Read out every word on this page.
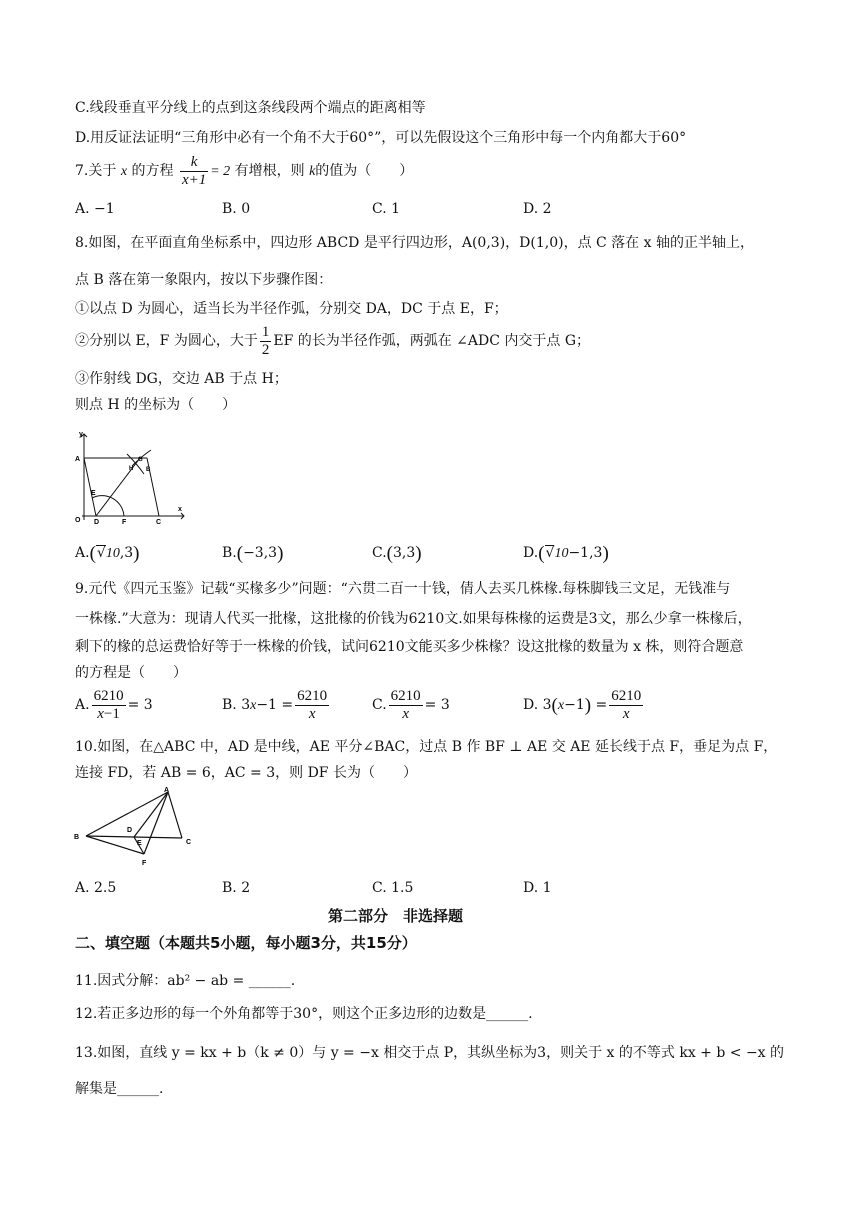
C.线段垂直平分线上的点到这条线段两个端点的距离相等
D.用反证法证明“三角形中必有一个角不大于60°”，可以先假设这个三角形中每一个内角都大于60°
7.关于 x 的方程 $\frac{k}{x+1} = 2$ 有增根，则 k的值为（　　）
A. −1	B. 0	C. 1	D. 2
8.如图，在平面直角坐标系中，四边形 ABCD 是平行四边形，A(0,3)，D(1,0)，点 C 落在 x 轴的正半轴上，
点 B 落在第一象限内，按以下步骤作图：
①以点 D 为圆心，适当长为半径作弧，分别交 DA，DC 于点 E，F；
②分别以 E，F 为圆心，大于 $\frac{1}{2}$ EF 的长为半径作弧，两弧在 ∠ADC 内交于点 G；
③作射线 DG，交边 AB 于点 H；
则点 H 的坐标为（　　）
y
x
A
B
O D	F	C
E
G
H
A.(√10,3)	B.(−3,3)	C.(3,3)	D.(√10−1,3)
9.元代《四元玉鉴》记载“买椽多少”问题：“六贯二百一十钱，倩人去买几株椽.每株脚钱三文足，无钱准与
一株椽.”大意为：现请人代买一批椽，这批椽的价钱为6210文.如果每株椽的运费是3文，那么少拿一株椽后，
剩下的椽的总运费恰好等于一株椽的价钱，试问6210文能买多少株椽？设这批椽的数量为 x 株，则符合题意
的方程是（　　）
A. $\frac{6210}{x-1} = 3$	B. $3x-1 = \frac{6210}{x}$	C. $\frac{6210}{x} = 3$	D. $3(x-1) = \frac{6210}{x}$
10.如图，在△ABC 中，AD 是中线，AE 平分∠BAC，过点 B 作 BF ⊥ AE 交 AE 延长线于点 F，垂足为点 F，
连接 FD，若 AB = 6，AC = 3，则 DF 长为（　　）
A
B
C
D
E
F
A. 2.5	B. 2	C. 1.5	D. 1
第二部分　非选择题
二、填空题（本题共5小题，每小题3分，共15分）
11.因式分解：ab² − ab = ______.
12.若正多边形的每一个外角都等于30°，则这个正多边形的边数是______.
13.如图，直线 y = kx + b（k ≠ 0）与 y = −x 相交于点 P，其纵坐标为3，则关于 x 的不等式 kx + b < −x 的
解集是______.
